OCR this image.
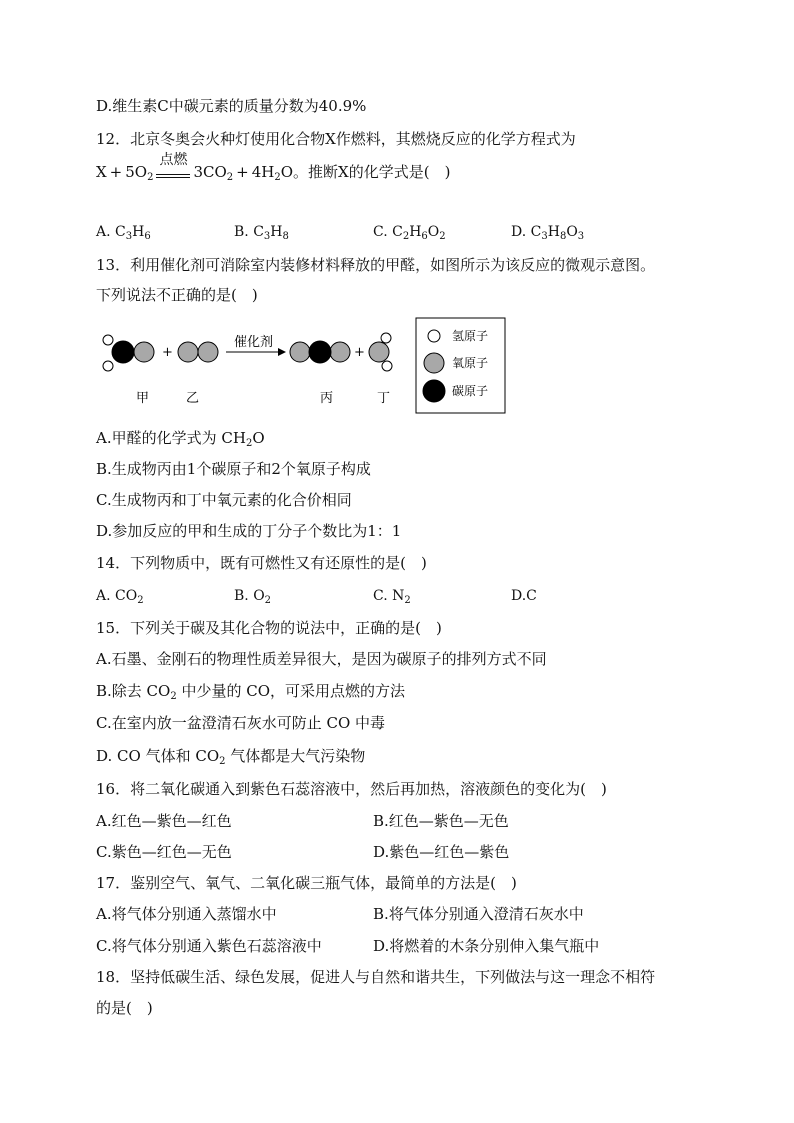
D.维生素C中碳元素的质量分数为40.9%
12．北京冬奥会火种灯使用化合物X作燃料，其燃烧反应的化学方程式为
$X + 5O_2$
点燃
$3CO_2 + 4H_2O$。推断X的化学式是(　)
A. $C_3H_6$	B. $C_3H_8$	C. $C_2H_6O_2$	D. $C_3H_8O_3$
13．利用催化剂可消除室内装修材料释放的甲醛，如图所示为该反应的微观示意图。
下列说法不正确的是(　)
+
催化剂
+
甲	乙	丙	丁
氢原子
氧原子
碳原子
A.甲醛的化学式为 $CH_2O$
B.生成物丙由1个碳原子和2个氧原子构成
C.生成物丙和丁中氧元素的化合价相同
D.参加反应的甲和生成的丁分子个数比为1：1
14．下列物质中，既有可燃性又有还原性的是(　)
A. $CO_2$	B. $O_2$	C. $N_2$	D.C
15．下列关于碳及其化合物的说法中，正确的是(　)
A.石墨、金刚石的物理性质差异很大，是因为碳原子的排列方式不同
B.除去 $CO_2$ 中少量的 CO，可采用点燃的方法
C.在室内放一盆澄清石灰水可防止 CO 中毒
D. CO 气体和 $CO_2$ 气体都是大气污染物
16．将二氧化碳通入到紫色石蕊溶液中，然后再加热，溶液颜色的变化为(　)
A.红色—紫色—红色	B.红色—紫色—无色
C.紫色—红色—无色	D.紫色—红色—紫色
17．鉴别空气、氧气、二氧化碳三瓶气体，最简单的方法是(　)
A.将气体分别通入蒸馏水中	B.将气体分别通入澄清石灰水中
C.将气体分别通入紫色石蕊溶液中	D.将燃着的木条分别伸入集气瓶中
18．坚持低碳生活、绿色发展，促进人与自然和谐共生，下列做法与这一理念不相符
的是(　)
